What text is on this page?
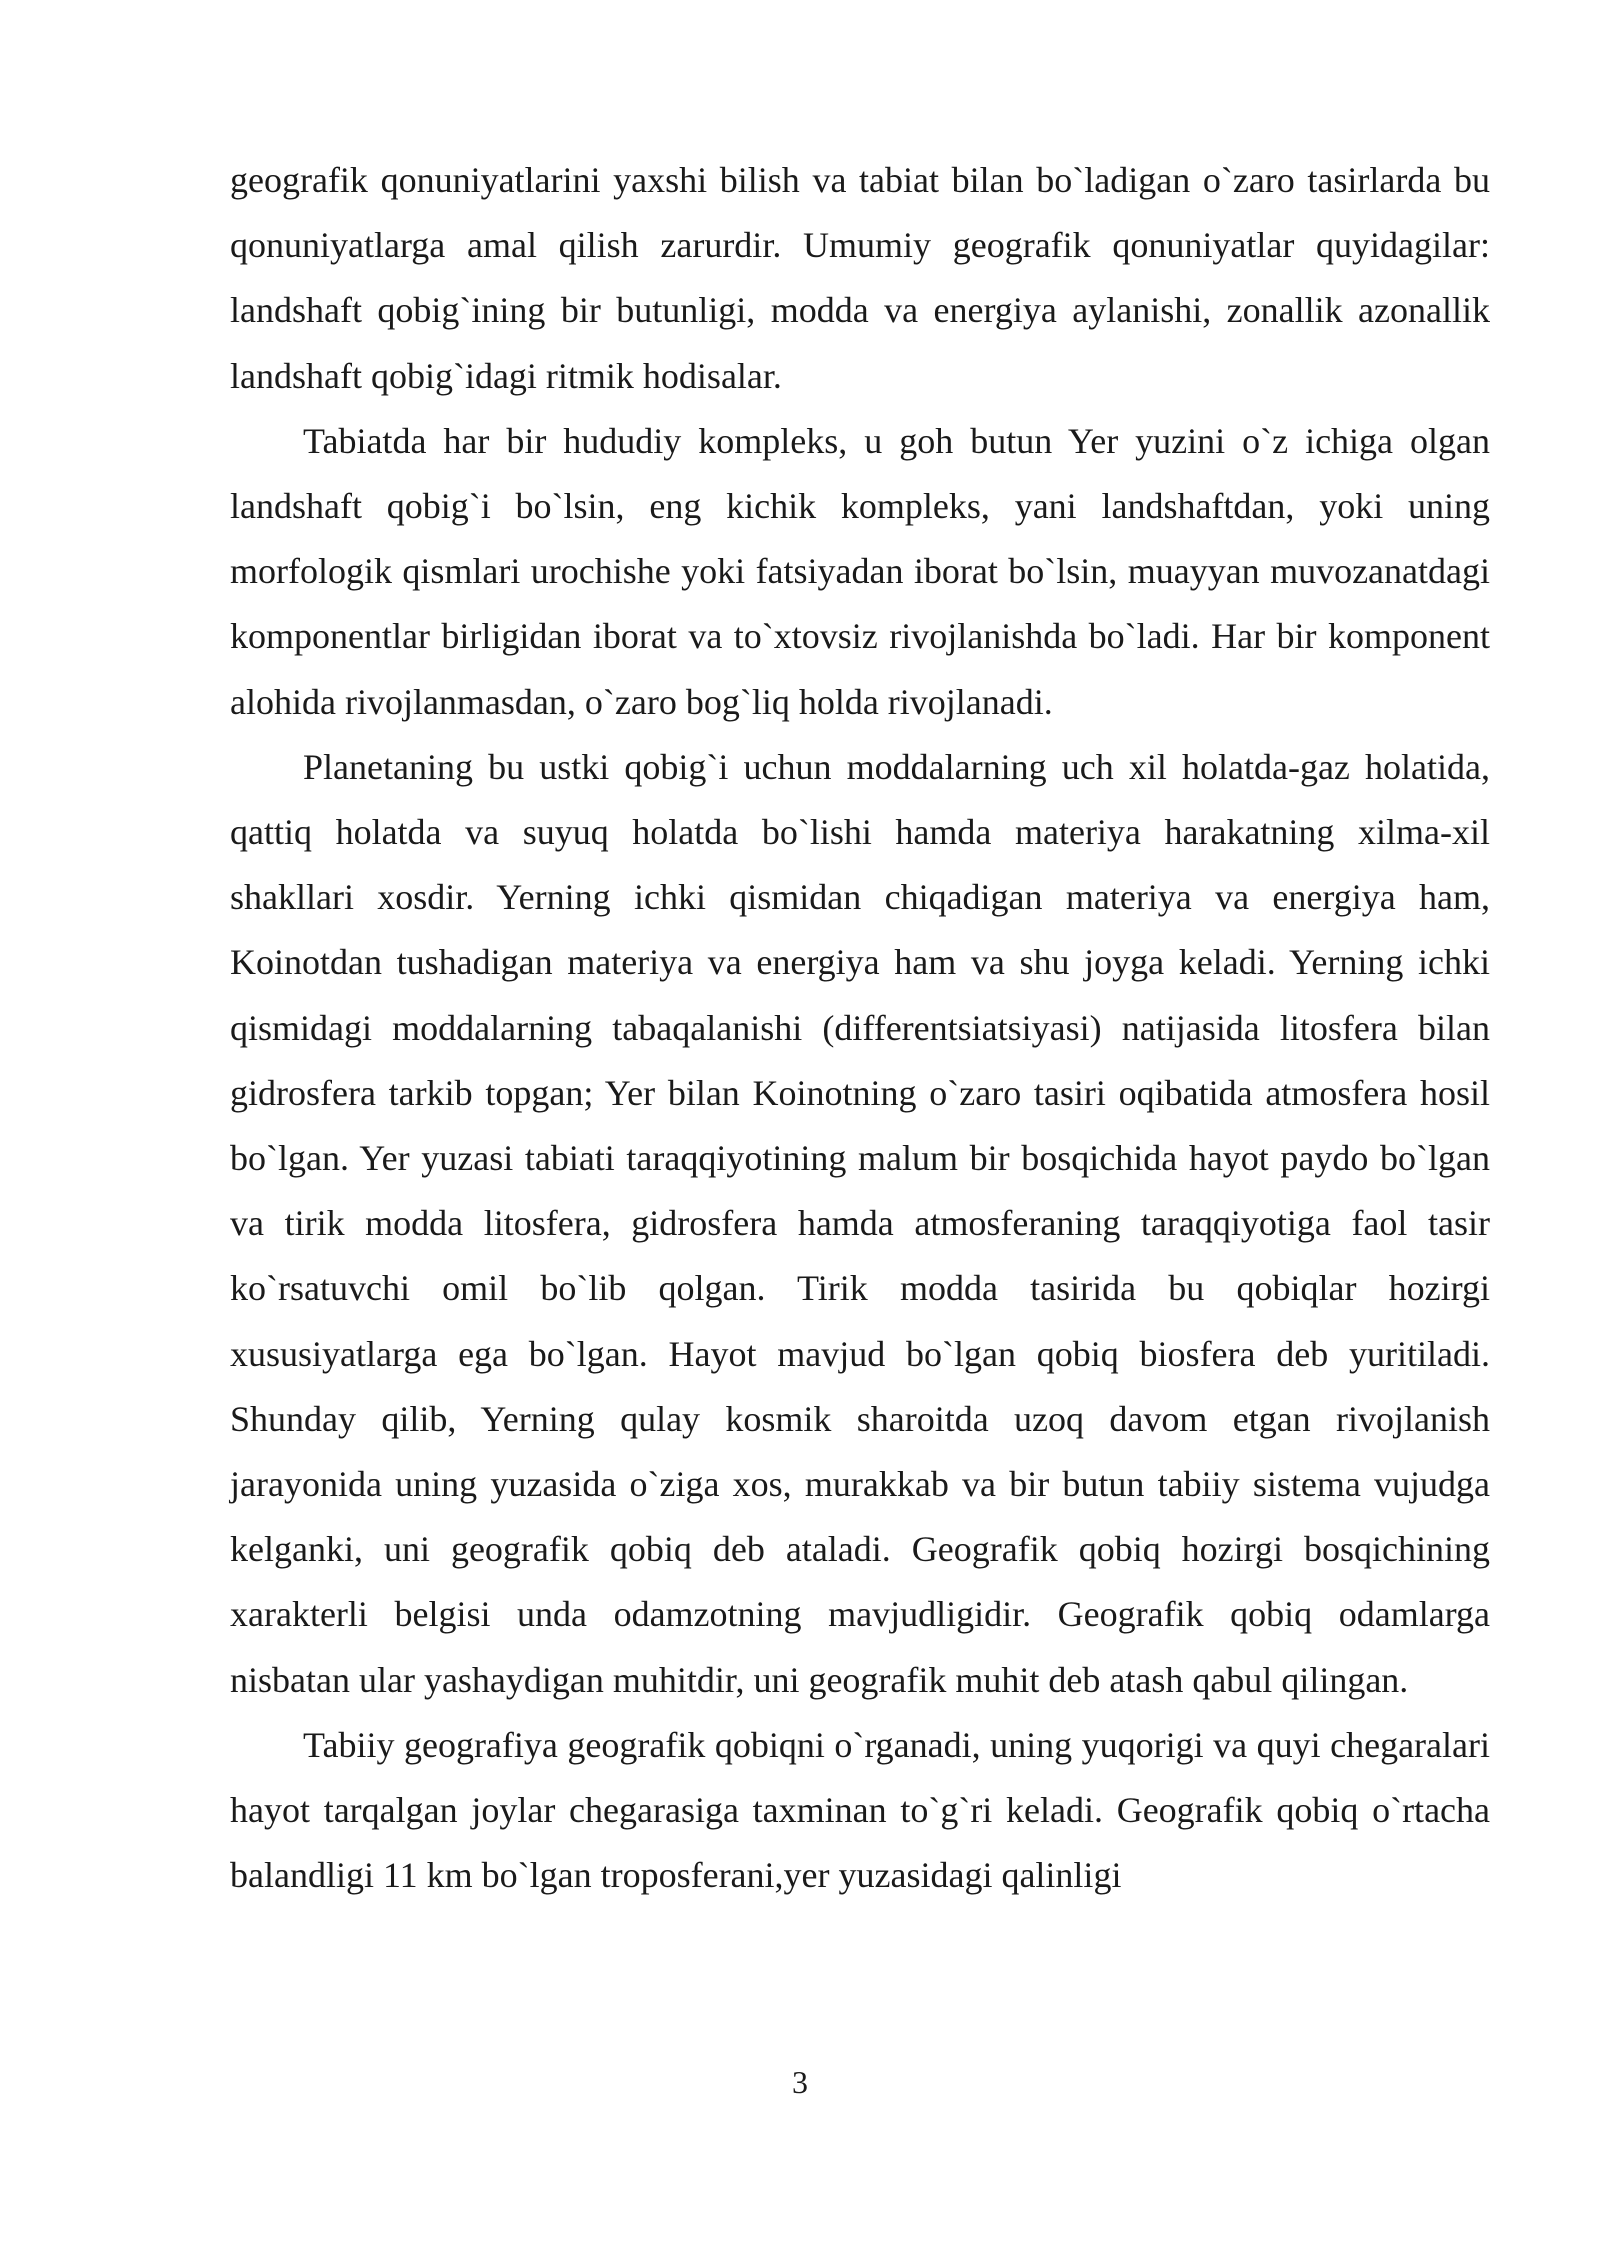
geografik qonuniyatlarini yaxshi bilish va tabiat bilan bo`ladigan o`zaro tasirlarda bu qonuniyatlarga amal qilish zarurdir. Umumiy geografik qonuniyatlar quyidagilar: landshaft qobig`ining bir butunligi, modda va energiya aylanishi, zonallik azonallik landshaft qobig`idagi ritmik hodisalar.

Tabiatda har bir hududiy kompleks, u goh butun Yer yuzini o`z ichiga olgan landshaft qobig`i bo`lsin, eng kichik kompleks, yani landshaftdan, yoki uning morfologik qismlari urochishe yoki fatsiyadan iborat bo`lsin, muayyan muvozanatdagi komponentlar birligidan iborat va to`xtovsiz rivojlanishda bo`ladi. Har bir komponent alohida rivojlanmasdan, o`zaro bog`liq holda rivojlanadi.

Planetaning bu ustki qobig`i uchun moddalarning uch xil holatda-gaz holatida, qattiq holatda va suyuq holatda bo`lishi hamda materiya harakatning xilma-xil shakllari xosdir. Yerning ichki qismidan chiqadigan materiya va energiya ham, Koinotdan tushadigan materiya va energiya ham va shu joyga keladi. Yerning ichki qismidagi moddalarning tabaqalanishi (differentsiatsiyasi) natijasida litosfera bilan gidrosfera tarkib topgan; Yer bilan Koinotning o`zaro tasiri oqibatida atmosfera hosil bo`lgan. Yer yuzasi tabiati taraqqiyotining malum bir bosqichida hayot paydo bo`lgan va tirik modda litosfera, gidrosfera hamda atmosferaning taraqqiyotiga faol tasir ko`rsatuvchi omil bo`lib qolgan. Tirik modda tasirida bu qobiqlar hozirgi xususiyatlarga ega bo`lgan. Hayot mavjud bo`lgan qobiq biosfera deb yuritiladi. Shunday qilib, Yerning qulay kosmik sharoitda uzoq davom etgan rivojlanish jarayonida uning yuzasida o`ziga xos, murakkab va bir butun tabiiy sistema vujudga kelganki, uni geografik qobiq deb ataladi. Geografik qobiq hozirgi bosqichining xarakterli belgisi unda odamzotning mavjudligidir. Geografik qobiq odamlarga nisbatan ular yashaydigan muhitdir, uni geografik muhit deb atash qabul qilingan.

Tabiiy geografiya geografik qobiqni o`rganadi, uning yuqorigi va quyi chegaralari hayot tarqalgan joylar chegarasiga taxminan to`g`ri keladi. Geografik qobiq o`rtacha balandligi 11 km bo`lgan troposferani,yer yuzasidagi qalinligi

3
